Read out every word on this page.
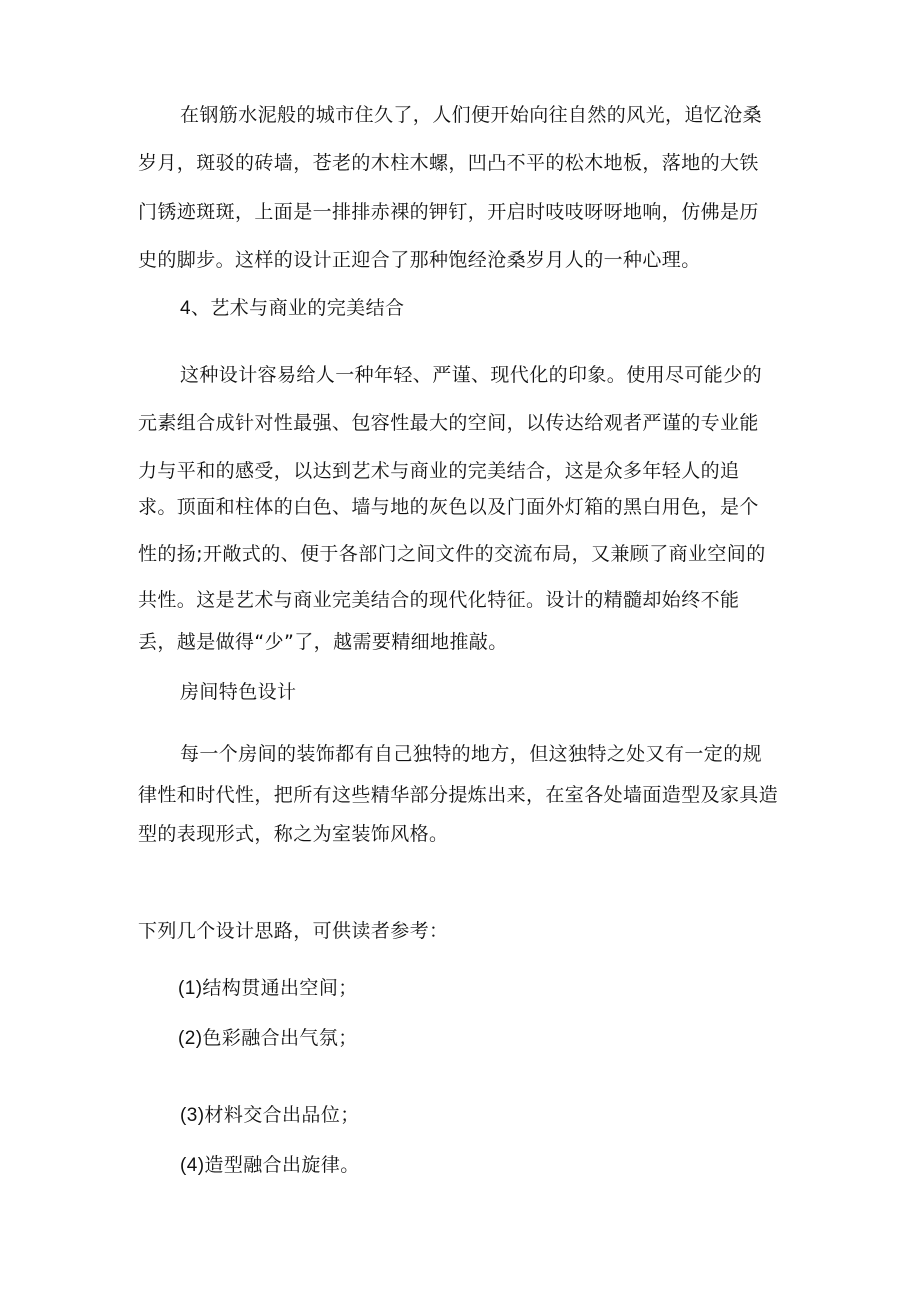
在钢筋水泥般的城市住久了，人们便开始向往自然的风光，追忆沧桑
岁月，斑驳的砖墙，苍老的木柱木螺，凹凸不平的松木地板，落地的大铁
门锈迹斑斑，上面是一排排赤裸的钾钉，开启时吱吱呀呀地响，仿佛是历
史的脚步。这样的设计正迎合了那种饱经沧桑岁月人的一种心理。
4、艺术与商业的完美结合
这种设计容易给人一种年轻、严谨、现代化的印象。使用尽可能少的
元素组合成针对性最强、包容性最大的空间，以传达给观者严谨的专业能
力与平和的感受，以达到艺术与商业的完美结合，这是众多年轻人的追
求。顶面和柱体的白色、墙与地的灰色以及门面外灯箱的黑白用色，是个
性的扬;开敞式的、便于各部门之间文件的交流布局，又兼顾了商业空间的
共性。这是艺术与商业完美结合的现代化特征。设计的精髓却始终不能
丢，越是做得“少”了，越需要精细地推敲。
房间特色设计
每一个房间的装饰都有自己独特的地方，但这独特之处又有一定的规
律性和时代性，把所有这些精华部分提炼出来，在室各处墙面造型及家具造
型的表现形式，称之为室装饰风格。
下列几个设计思路，可供读者参考：
(1)结构贯通出空间；
(2)色彩融合出气氛；
(3)材料交合出品位；
(4)造型融合出旋律。
